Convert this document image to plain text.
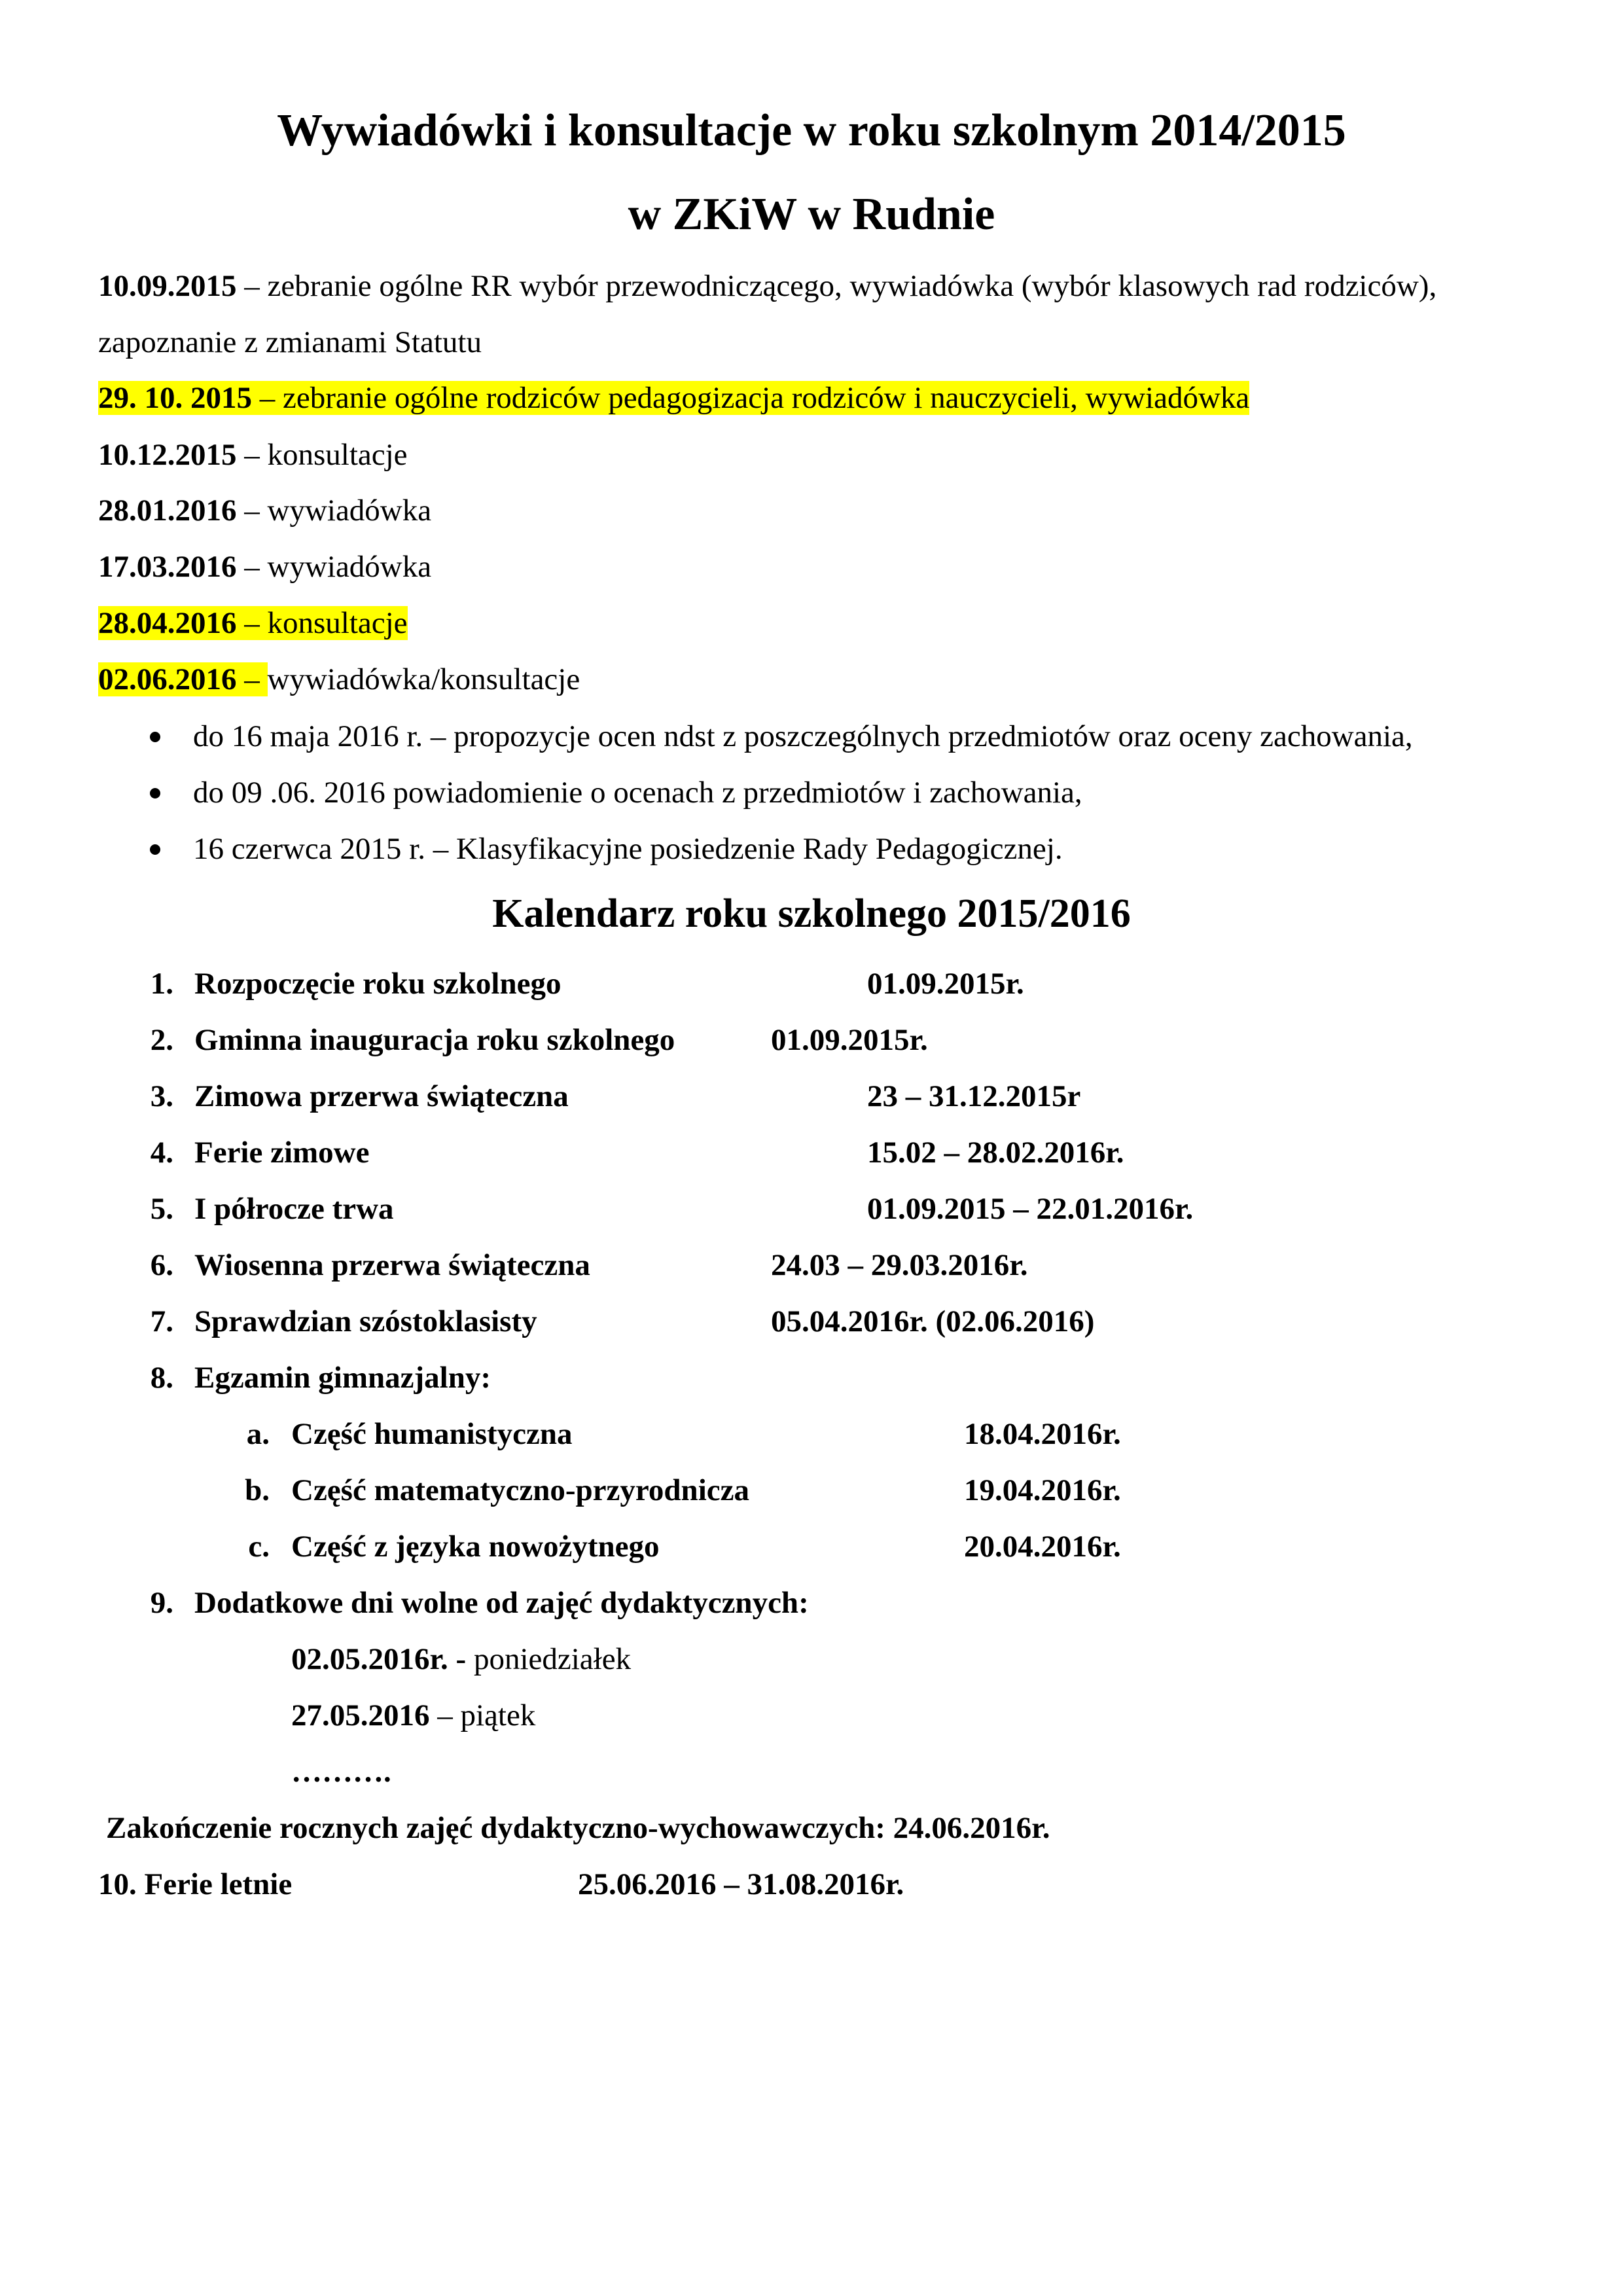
Wywiadówki i konsultacje w roku szkolnym 2014/2015
w ZKiW w Rudnie
10.09.2015 – zebranie ogólne RR wybór przewodniczącego, wywiadówka (wybór klasowych rad rodziców),
zapoznanie z zmianami Statutu
29. 10. 2015 – zebranie ogólne rodziców pedagogizacja rodziców i nauczycieli, wywiadówka
10.12.2015 – konsultacje
28.01.2016 – wywiadówka
17.03.2016 – wywiadówka
28.04.2016 – konsultacje
02.06.2016 – wywiadówka/konsultacje
do 16 maja 2016 r. – propozycje ocen ndst z poszczególnych przedmiotów oraz oceny zachowania,
do 09 .06. 2016 powiadomienie o ocenach z przedmiotów i zachowania,
16 czerwca 2015 r. – Klasyfikacyjne posiedzenie Rady Pedagogicznej.
Kalendarz roku szkolnego 2015/2016
1. Rozpoczęcie roku szkolnego	01.09.2015r.
2. Gminna inauguracja roku szkolnego	01.09.2015r.
3. Zimowa przerwa świąteczna	23 – 31.12.2015r
4. Ferie zimowe	15.02 – 28.02.2016r.
5. I półrocze trwa	01.09.2015 – 22.01.2016r.
6. Wiosenna przerwa świąteczna	24.03 – 29.03.2016r.
7. Sprawdzian szóstoklasisty	05.04.2016r. (02.06.2016)
8. Egzamin gimnazjalny:
a. Część humanistyczna	18.04.2016r.
b. Część matematyczno-przyrodnicza	19.04.2016r.
c. Część z języka nowożytnego	20.04.2016r.
9. Dodatkowe dni wolne od zajęć dydaktycznych:
02.05.2016r. - poniedziałek
27.05.2016 – piątek
……….
Zakończenie rocznych zajęć dydaktyczno-wychowawczych: 24.06.2016r.
10. Ferie letnie	25.06.2016 – 31.08.2016r.
